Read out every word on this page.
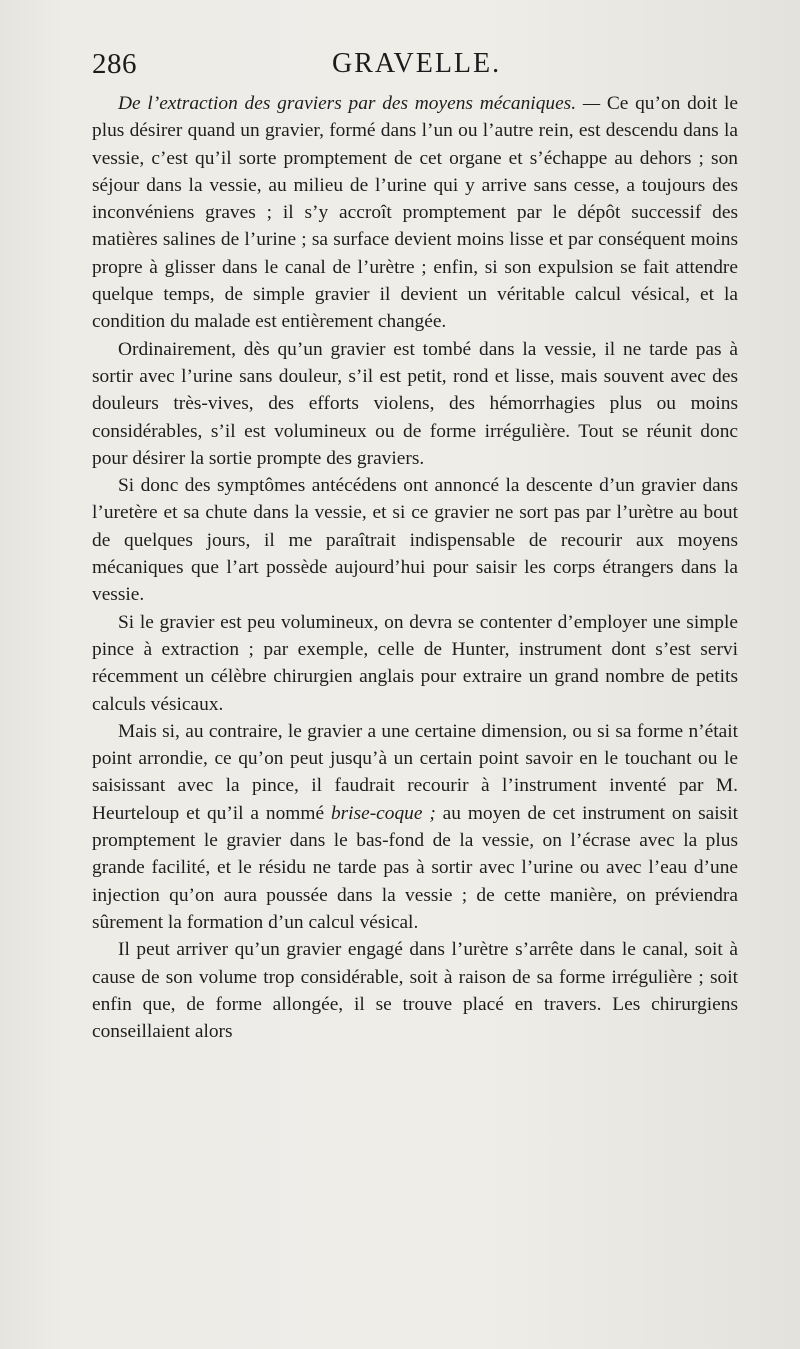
286	GRAVELLE.

De l’extraction des graviers par des moyens mécaniques. — Ce qu’on doit le plus désirer quand un gravier, formé dans l’un ou l’autre rein, est descendu dans la vessie, c’est qu’il sorte promptement de cet organe et s’échappe au dehors ; son séjour dans la vessie, au milieu de l’urine qui y arrive sans cesse, a toujours des inconvéniens graves ; il s’y accroît promptement par le dépôt successif des matières salines de l’urine ; sa surface devient moins lisse et par conséquent moins propre à glisser dans le canal de l’urètre ; enfin, si son expulsion se fait attendre quelque temps, de simple gravier il devient un véritable calcul vésical, et la condition du malade est entièrement changée.

Ordinairement, dès qu’un gravier est tombé dans la vessie, il ne tarde pas à sortir avec l’urine sans douleur, s’il est petit, rond et lisse, mais souvent avec des douleurs très-vives, des efforts violens, des hémorrhagies plus ou moins considérables, s’il est volumineux ou de forme irrégulière. Tout se réunit donc pour désirer la sortie prompte des graviers.

Si donc des symptômes antécédens ont annoncé la descente d’un gravier dans l’uretère et sa chute dans la vessie, et si ce gravier ne sort pas par l’urètre au bout de quelques jours, il me paraîtrait indispensable de recourir aux moyens mécaniques que l’art possède aujourd’hui pour saisir les corps étrangers dans la vessie.

Si le gravier est peu volumineux, on devra se contenter d’employer une simple pince à extraction ; par exemple, celle de Hunter, instrument dont s’est servi récemment un célèbre chirurgien anglais pour extraire un grand nombre de petits calculs vésicaux.

Mais si, au contraire, le gravier a une certaine dimension, ou si sa forme n’était point arrondie, ce qu’on peut jusqu’à un certain point savoir en le touchant ou le saisissant avec la pince, il faudrait recourir à l’instrument inventé par M. Heurteloup et qu’il a nommé brise-coque ; au moyen de cet instrument on saisit promptement le gravier dans le bas-fond de la vessie, on l’écrase avec la plus grande facilité, et le résidu ne tarde pas à sortir avec l’urine ou avec l’eau d’une injection qu’on aura poussée dans la vessie ; de cette manière, on préviendra sûrement la formation d’un calcul vésical.

Il peut arriver qu’un gravier engagé dans l’urètre s’arrête dans le canal, soit à cause de son volume trop considérable, soit à raison de sa forme irrégulière ; soit enfin que, de forme allongée, il se trouve placé en travers. Les chirurgiens conseillaient alors
